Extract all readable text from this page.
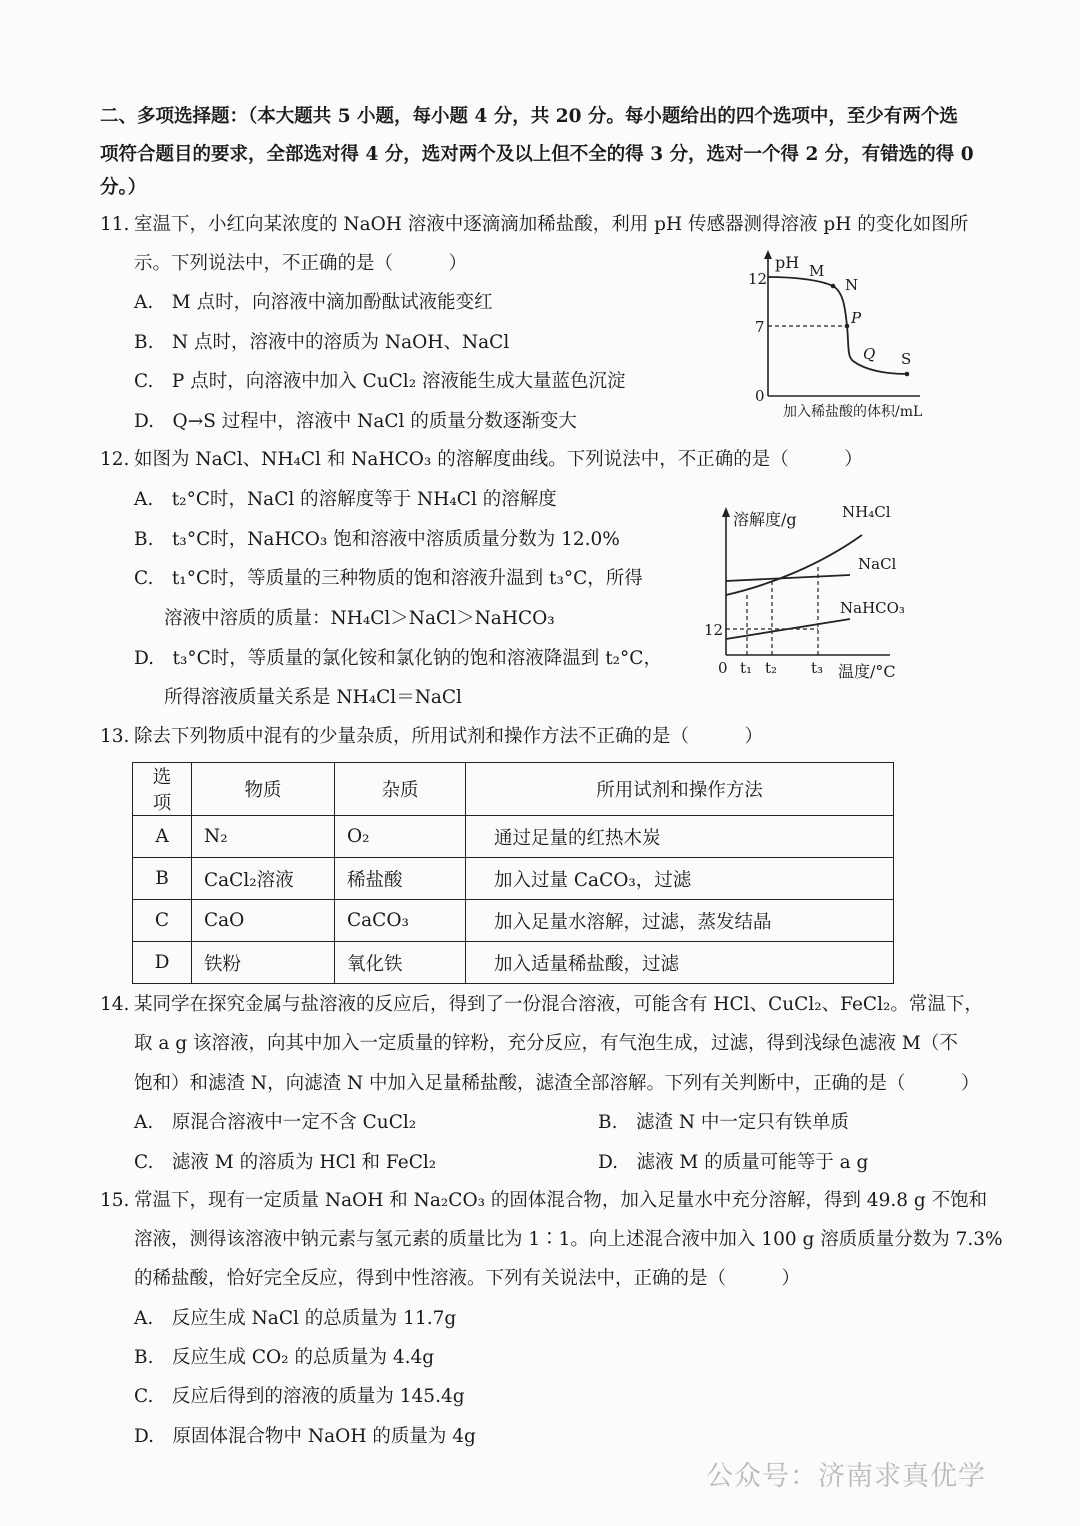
二、多项选择题：（本大题共 5 小题，每小题 4 分，共 20 分。每小题给出的四个选项中，至少有两个选
项符合题目的要求，全部选对得 4 分，选对两个及以上但不全的得 3 分，选对一个得 2 分，有错选的得 0
分。）
11. 室温下，小红向某浓度的 NaOH 溶液中逐滴滴加稀盐酸，利用 pH 传感器测得溶液 pH 的变化如图所
示。下列说法中，不正确的是（　　　）
A.　M 点时，向溶液中滴加酚酞试液能变红
B.　N 点时，溶液中的溶质为 NaOH、NaCl
C.　P 点时，向溶液中加入 CuCl₂ 溶液能生成大量蓝色沉淀
D.　Q→S 过程中，溶液中 NaCl 的质量分数逐渐变大
pH
12
7
0
M
N
P
Q S
加入稀盐酸的体积/mL
12. 如图为 NaCl、NH₄Cl 和 NaHCO₃ 的溶解度曲线。下列说法中，不正确的是（　　　）
A.　t₂°C时，NaCl 的溶解度等于 NH₄Cl 的溶解度
B.　t₃°C时，NaHCO₃ 饱和溶液中溶质质量分数为 12.0%
C.　t₁°C时，等质量的三种物质的饱和溶液升温到 t₃°C，所得
溶液中溶质的质量：NH₄Cl＞NaCl＞NaHCO₃
D.　t₃°C时，等质量的氯化铵和氯化钠的饱和溶液降温到 t₂°C，
所得溶液质量关系是 NH₄Cl＝NaCl
溶解度/g
12
0
NH₄Cl
NaCl
NaHCO₃
t₁ t₂ t₃ 温度/°C
13. 除去下列物质中混有的少量杂质，所用试剂和操作方法不正确的是（　　　）
选项	物质	杂质	所用试剂和操作方法
A	N₂	O₂	通过足量的红热木炭
B	CaCl₂溶液	稀盐酸	加入过量 CaCO₃，过滤
C	CaO	CaCO₃	加入足量水溶解，过滤，蒸发结晶
D	铁粉	氧化铁	加入适量稀盐酸，过滤
14. 某同学在探究金属与盐溶液的反应后，得到了一份混合溶液，可能含有 HCl、CuCl₂、FeCl₂。常温下，
取 a g 该溶液，向其中加入一定质量的锌粉，充分反应，有气泡生成，过滤，得到浅绿色滤液 M（不
饱和）和滤渣 N，向滤渣 N 中加入足量稀盐酸，滤渣全部溶解。下列有关判断中，正确的是（　　　）
A.　原混合溶液中一定不含 CuCl₂	B.　滤渣 N 中一定只有铁单质
C.　滤液 M 的溶质为 HCl 和 FeCl₂	D.　滤液 M 的质量可能等于 a g
15. 常温下，现有一定质量 NaOH 和 Na₂CO₃ 的固体混合物，加入足量水中充分溶解，得到 49.8 g 不饱和
溶液，测得该溶液中钠元素与氢元素的质量比为 1∶1。向上述混合液中加入 100 g 溶质质量分数为 7.3%
的稀盐酸，恰好完全反应，得到中性溶液。下列有关说法中，正确的是（　　　）
A.　反应生成 NaCl 的总质量为 11.7g
B.　反应生成 CO₂ 的总质量为 4.4g
C.　反应后得到的溶液的质量为 145.4g
D.　原固体混合物中 NaOH 的质量为 4g
公众号：济南求真优学
